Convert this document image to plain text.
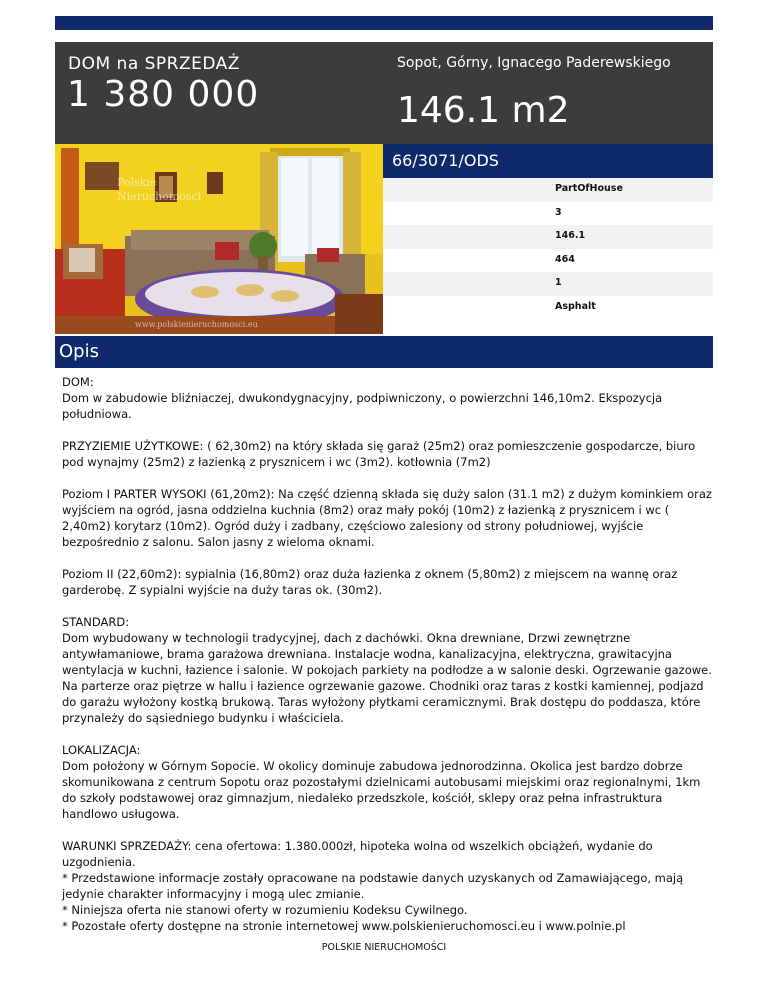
DOM na SPRZEDAŻ
1 380 000
Sopot, Górny, Ignacego Paderewskiego
146.1 m2
Polskie Nieruchomości
www.polskienieruchomosci.eu
66/3071/ODS
PartOfHouse
3
146.1
464
1
Asphalt
Opis

DOM:
Dom w zabudowie bliźniaczej, dwukondygnacyjny, podpiwniczony, o powierzchni 146,10m2. Ekspozycja południowa.

PRZYZIEMIE UŻYTKOWE: ( 62,30m2) na który składa się garaż (25m2) oraz pomieszczenie gospodarcze, biuro pod wynajmy (25m2) z łazienką z prysznicem i wc (3m2). kotłownia (7m2)

Poziom I PARTER WYSOKI (61,20m2): Na część dzienną składa się duży salon (31.1 m2) z dużym kominkiem oraz wyjściem na ogród, jasna oddzielna kuchnia (8m2) oraz mały pokój (10m2) z łazienką z prysznicem i wc ( 2,40m2) korytarz (10m2). Ogród duży i zadbany, częściowo zalesiony od strony południowej, wyjście bezpośrednio z salonu. Salon jasny z wieloma oknami.

Poziom II (22,60m2): sypialnia (16,80m2) oraz duża łazienka z oknem (5,80m2) z miejscem na wannę oraz garderobę. Z sypialni wyjście na duży taras ok. (30m2).

STANDARD:
Dom wybudowany w technologii tradycyjnej, dach z dachówki. Okna drewniane, Drzwi zewnętrzne antywłamaniowe, brama garażowa drewniana. Instalacje wodna, kanalizacyjna, elektryczna, grawitacyjna wentylacja w kuchni, łazience i salonie. W pokojach parkiety na podłodze a w salonie deski. Ogrzewanie gazowe. Na parterze oraz piętrze w hallu i łazience ogrzewanie gazowe. Chodniki oraz taras z kostki kamiennej, podjazd do garażu wyłożony kostką brukową. Taras wyłożony płytkami ceramicznymi. Brak dostępu do poddasza, które przynależy do sąsiedniego budynku i właściciela.

LOKALIZACJA:
Dom położony w Górnym Sopocie. W okolicy dominuje zabudowa jednorodzinna. Okolica jest bardzo dobrze skomunikowana z centrum Sopotu oraz pozostałymi dzielnicami autobusami miejskimi oraz regionalnymi, 1km do szkoły podstawowej oraz gimnazjum, niedaleko przedszkole, kościół, sklepy oraz pełna infrastruktura handlowo usługowa.

WARUNKI SPRZEDAŻY: cena ofertowa: 1.380.000zł, hipoteka wolna od wszelkich obciążeń, wydanie do uzgodnienia.
* Przedstawione informacje zostały opracowane na podstawie danych uzyskanych od Zamawiającego, mają jedynie charakter informacyjny i mogą ulec zmianie.
* Niniejsza oferta nie stanowi oferty w rozumieniu Kodeksu Cywilnego.
* Pozostałe oferty dostępne na stronie internetowej www.polskienieruchomosci.eu i www.polnie.pl

POLSKIE NIERUCHOMOŚCI
